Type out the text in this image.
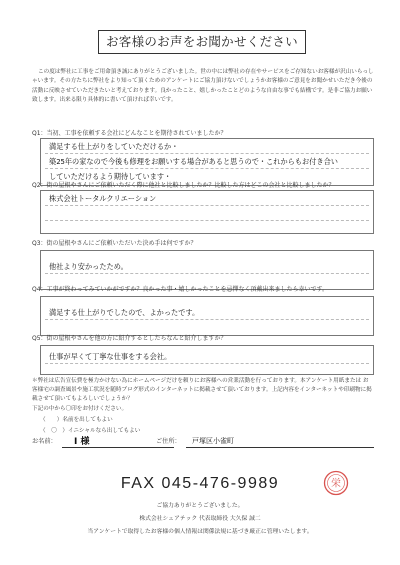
お客様のお声をお聞かせください

この度は弊社に工事をご用命頂き誠にありがとうございました。世の中には弊社の存在やサービスをご存知ないお客様が沢山いらっしゃいます。その方たちに弊社をより知って頂くためのアンケートにご協力頂けないでしょうかお客様のご意見をお聞かせいただき今後の活動に反映させていただきたいと考えております。良かったこと、嬉しかったことどのような自由な事でも結構です。是非ご協力お願い致します。出来る限り具体的に書いて頂ければ幸いです。

Q1：当初、工事を依頼する会社にどんなことを期待されていましたか？
満足する仕上がりをしていただけるか・
築25年の家なので今後も修理をお願いする場合があると思うので・これからもお付き合い
していただけるよう期待しています・
Q2：街の屋根やさんにご依頼いただく際に他社と比較しましたか？比較した方はどこの会社と比較しましたか？
株式会社トータルクリエーション
Q3：街の屋根やさんにご依頼いただいた決め手は何ですか？
他社より安かったため。
Q4：工事が終わってみていかがですか？良かった事・嬉しかったことを忌憚なく頂戴出来ましたら幸いです。
満足する仕上がりでしたので、よかったです。
Q5：街の屋根やさんを他の方に紹介するとしたらなんと紹介しますか？
仕事が早くて丁寧な仕事をする会社。
＊弊社は広告宣伝費を極力かけない為にホームページだけを頼りにお客様への営業活動を行っております。本アンケート用紙または お客様宅の調査風景や施工状況を随時ブログ形式のインターネットに掲載させて頂いております。上記内容をインターネットや印刷物に掲載させて頂いてもよろしいでしょうか？
下記の中から〇印をお付けください。
（　　）名前を出してもよい
（　〇　）イニシャルなら出してもよい
お名前： I 様	ご住所： 戸塚区小雀町
FAX 045-476-9989	栄
ご協力ありがとうございました。
株式会社シェアテック 代表取締役 大久保 誠二
当アンケートで取得したお客様の個人情報は関係法規に基づき厳正に管理いたします。
